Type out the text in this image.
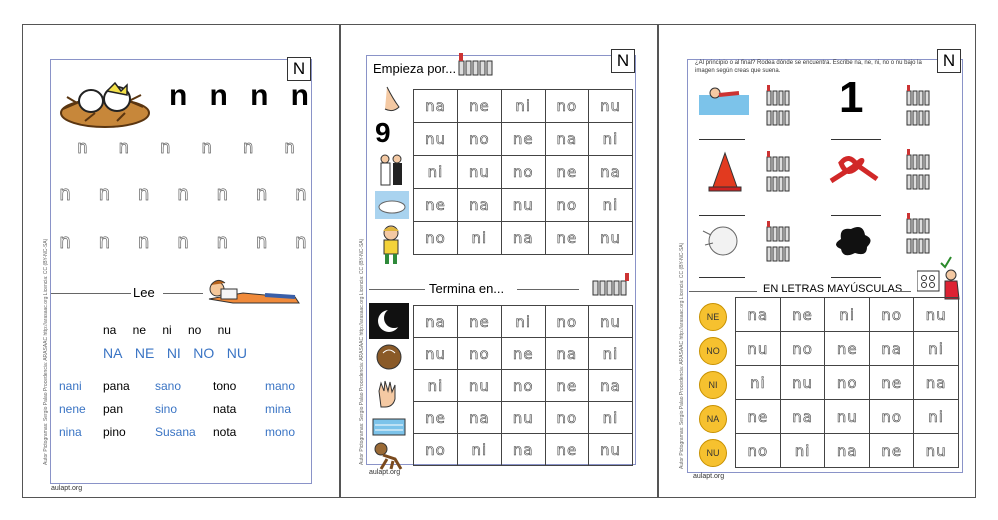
N
Autor Pictogramas: Sergio Palao Procedencia: ARASAAC http://arasaac.org Licencia: CC (BY-NC-SA)
n n n n
n n n n n n
n n n n n n n
n n n n n n n
Lee
na ne ni no nu
NA NE NI NO NU
nani	pana	sano	tono	mano
nene	pan	sino	nata	mina
nina	pino	Susana	nota	mono
aulapt.org
N
Autor Pictogramas: Sergio Palao Procedencia: ARASAAC http://arasaac.org Licencia: CC (BY-NC-SA)
Empieza por...
9
na	ne	ni	no	nu
nu	no	ne	na	ni
ni	nu	no	ne	na
ne	na	nu	no	ni
no	ni	na	ne	nu
Termina en...
na	ne	ni	no	nu
nu	no	ne	na	ni
ni	nu	no	ne	na
ne	na	nu	no	ni
no	ni	na	ne	nu
aulapt.org
N
Autor Pictogramas: Sergio Palao Procedencia: ARASAAC http://arasaac.org Licencia: CC (BY-NC-SA)
¿Al principio o al final? Rodea dónde se encuentra. Escribe na, ne, ni, no o nu bajo la imagen según creas que suena.
1
EN LETRAS MAYÚSCULAS
na	ne	ni	no	nu
nu	no	ne	na	ni
ni	nu	no	ne	na
ne	na	nu	no	ni
no	ni	na	ne	nu
NE
NO
NI
NA
NU
aulapt.org
